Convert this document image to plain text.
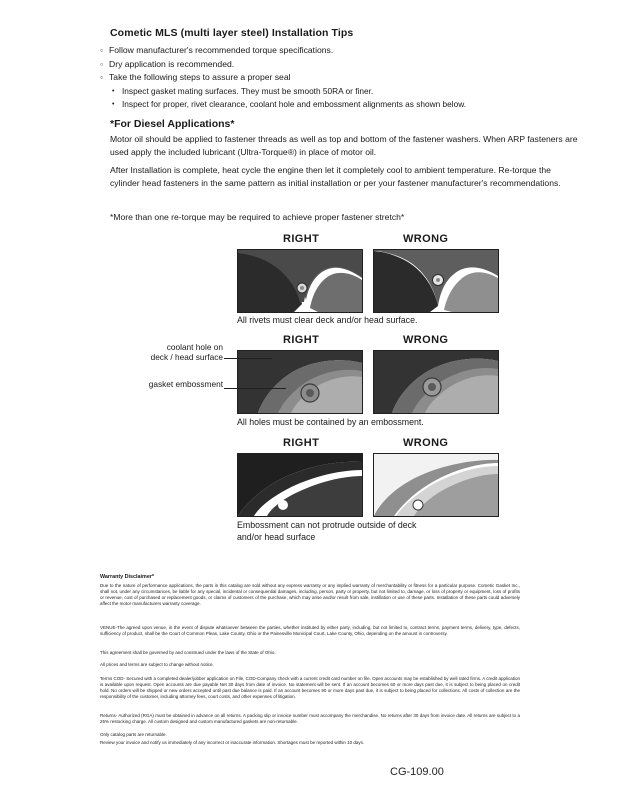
Cometic MLS (multi layer steel) Installation Tips
○ Follow manufacturer's recommended torque specifications.
○ Dry application is recommended.
○ Take the following steps to assure a proper seal
• Inspect gasket mating surfaces. They must be smooth 50RA or finer.
• Inspect for proper, rivet clearance, coolant hole and embossment alignments as shown below.
*For Diesel Applications*
Motor oil should be applied to fastener threads as well as top and bottom of the fastener washers. When ARP fasteners are used apply the included lubricant (Ultra-Torque®) in place of motor oil.
After Installation is complete, heat cycle the engine then let it completely cool to ambient temperature. Re-torque the cylinder head fasteners in the same pattern as initial installation or per your fastener manufacturer's recommendations.
*More than one re-torque may be required to achieve proper fastener stretch*
RIGHT	WRONG
All rivets must clear deck and/or head surface.
RIGHT	WRONG
coolant hole on
deck / head surface
gasket embossment
All holes must be contained by an embossment.
RIGHT	WRONG
Embossment can not protrude outside of deck
and/or head surface
Warranty Disclaimer*
Due to the nature of performance applications, the parts in this catalog are sold without any express warranty or any implied warranty of merchantability or fitness for a particular purpose. Cometic Gasket Inc., shall not, under any circumstances, be liable for any special, incidental or consequential damages, including, person, party or property, but not limited to, damage, or loss of property or equipment, loss of profits or revenue, cost of purchased or replacement goods, or claims of customers of the purchase, which may arise and/or result from sale, instillation or use of these parts. Installation of these parts could adversely affect the motor manufacturers warranty coverage.
VENUE-The agreed upon venue, in the event of dispute whatsoever between the parties, whether instituted by either party, including, but not limited to, contract terms, payment terms, delivery, type, defects, sufficiency of product, shall be the Court of Common Pleas, Lake County, Ohio or the Painesville Municipal Court, Lake County, Ohio, depending on the amount in controversy.
This agreement shall be governed by and construed under the laws of the State of Ohio.
All prices and terms are subject to change without notice.
Terms COD- Secured with a completed dealer/jobber application on File, COD-Company check with a current credit card number on file. Open accounts may be established by well rated firms. A credit application is available upon request. Open accounts are due payable Net 30 days from date of invoice. No statement will be sent. If an account becomes 60 or more days past due, it is subject to being placed on credit hold. No orders will be shipped or new orders accepted until past due balance is paid. If an account becomes 90 or more days past due, it is subject to being placed for collections. All costs of collection are the responsibility of the customer, including attorney fees, court costs, and other expenses of litigation.
Returns- Authorized (RGA) must be obtained in advance on all returns. A packing slip or invoice number must accompany the merchandise. No returns after 30 days from invoice date. All returns are subject to a 25% restocking charge. All custom designed and custom manufactured gaskets are non-returnable.
Only catalog parts are returnable.
Review your invoice and notify us immediately of any incorrect or inaccurate information. Shortages must be reported within 10 days.
CG-109.00
